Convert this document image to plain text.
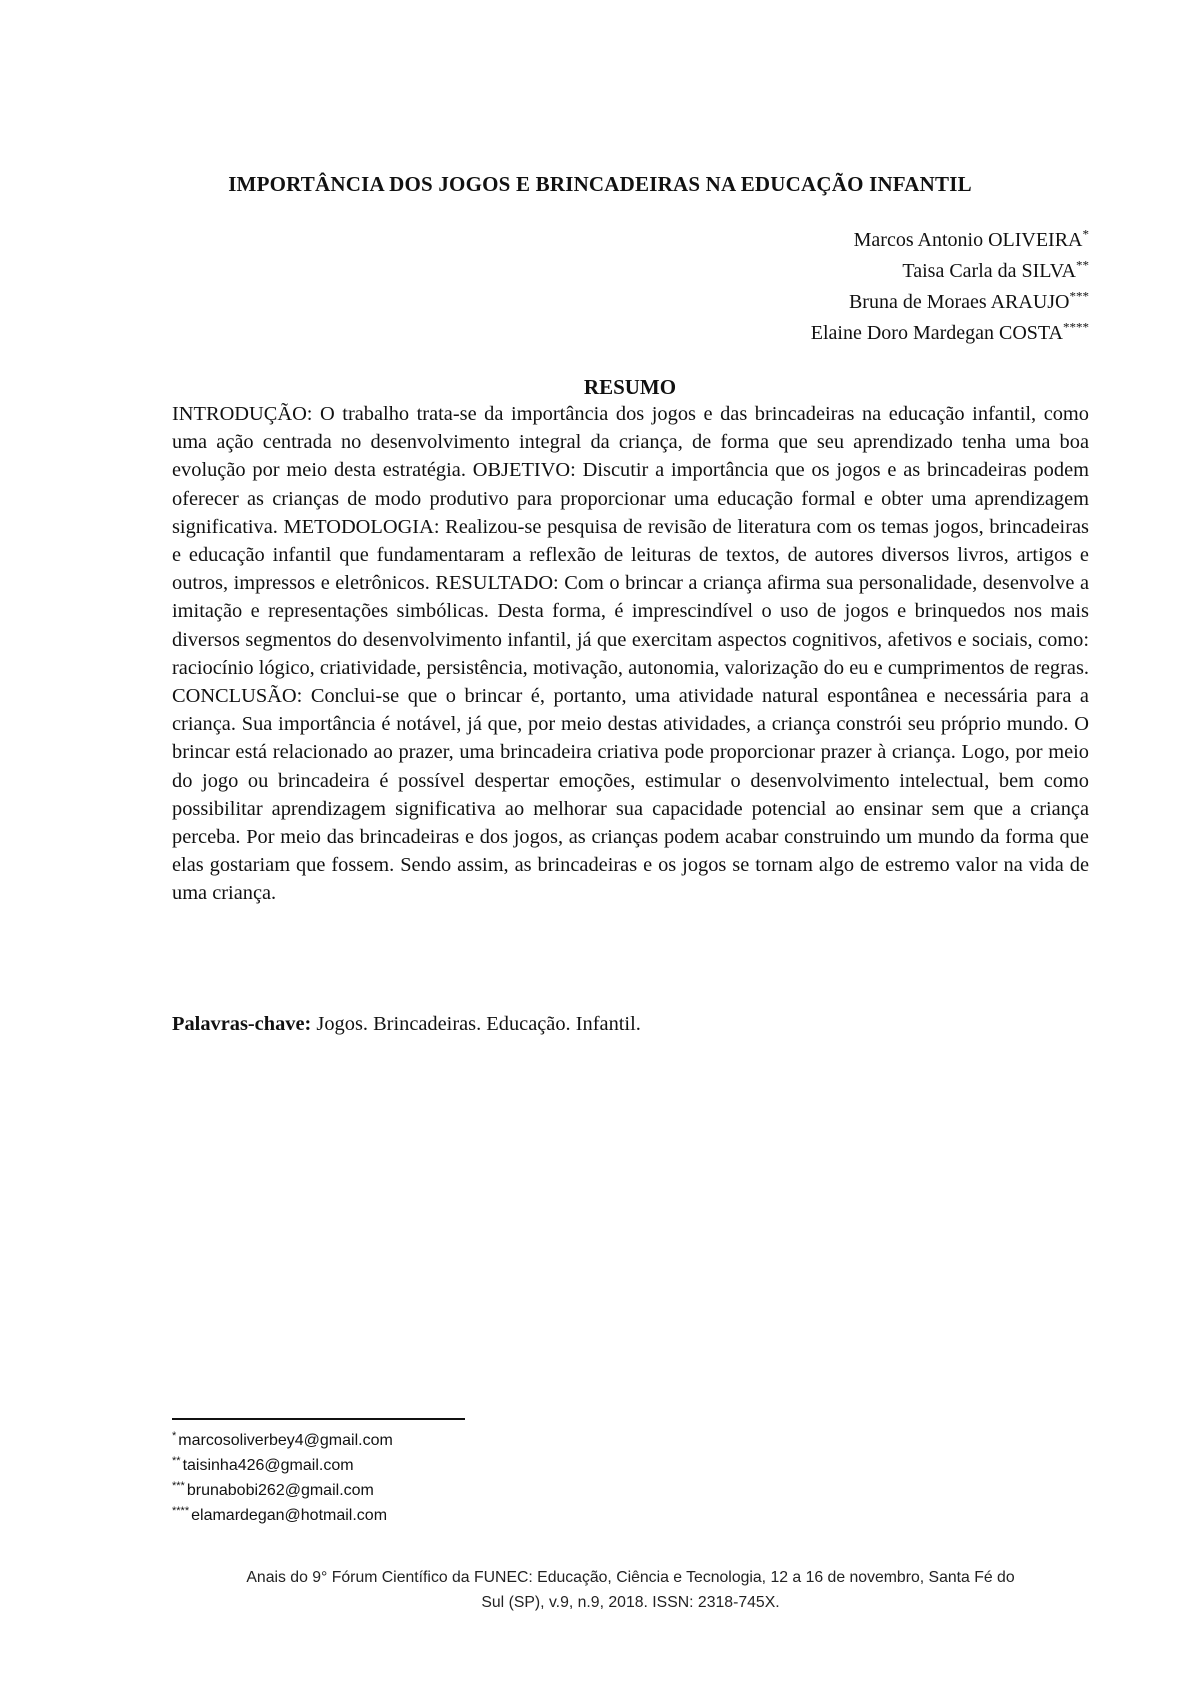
IMPORTÂNCIA DOS JOGOS E BRINCADEIRAS NA EDUCAÇÃO INFANTIL
Marcos Antonio OLIVEIRA*
Taisa Carla da SILVA**
Bruna de Moraes ARAUJO***
Elaine Doro Mardegan COSTA****
RESUMO

INTRODUÇÃO: O trabalho trata-se da importância dos jogos e das brincadeiras na educação infantil, como uma ação centrada no desenvolvimento integral da criança, de forma que seu aprendizado tenha uma boa evolução por meio desta estratégia. OBJETIVO: Discutir a importância que os jogos e as brincadeiras podem oferecer as crianças de modo produtivo para proporcionar uma educação formal e obter uma aprendizagem significativa. METODOLOGIA: Realizou-se pesquisa de revisão de literatura com os temas jogos, brincadeiras e educação infantil que fundamentaram a reflexão de leituras de textos, de autores diversos livros, artigos e outros, impressos e eletrônicos. RESULTADO: Com o brincar a criança afirma sua personalidade, desenvolve a imitação e representações simbólicas. Desta forma, é imprescindível o uso de jogos e brinquedos nos mais diversos segmentos do desenvolvimento infantil, já que exercitam aspectos cognitivos, afetivos e sociais, como: raciocínio lógico, criatividade, persistência, motivação, autonomia, valorização do eu e cumprimentos de regras. CONCLUSÃO: Conclui-se que o brincar é, portanto, uma atividade natural espontânea e necessária para a criança. Sua importância é notável, já que, por meio destas atividades, a criança constrói seu próprio mundo. O brincar está relacionado ao prazer, uma brincadeira criativa pode proporcionar prazer à criança. Logo, por meio do jogo ou brincadeira é possível despertar emoções, estimular o desenvolvimento intelectual, bem como possibilitar aprendizagem significativa ao melhorar sua capacidade potencial ao ensinar sem que a criança perceba. Por meio das brincadeiras e dos jogos, as crianças podem acabar construindo um mundo da forma que elas gostariam que fossem. Sendo assim, as brincadeiras e os jogos se tornam algo de estremo valor na vida de uma criança.

Palavras-chave: Jogos. Brincadeiras. Educação. Infantil.

* marcosoliverbey4@gmail.com
** taisinha426@gmail.com
*** brunabobi262@gmail.com
**** elamardegan@hotmail.com
Anais do 9° Fórum Científico da FUNEC: Educação, Ciência e Tecnologia, 12 a 16 de novembro, Santa Fé do
Sul (SP), v.9, n.9, 2018. ISSN: 2318-745X.
